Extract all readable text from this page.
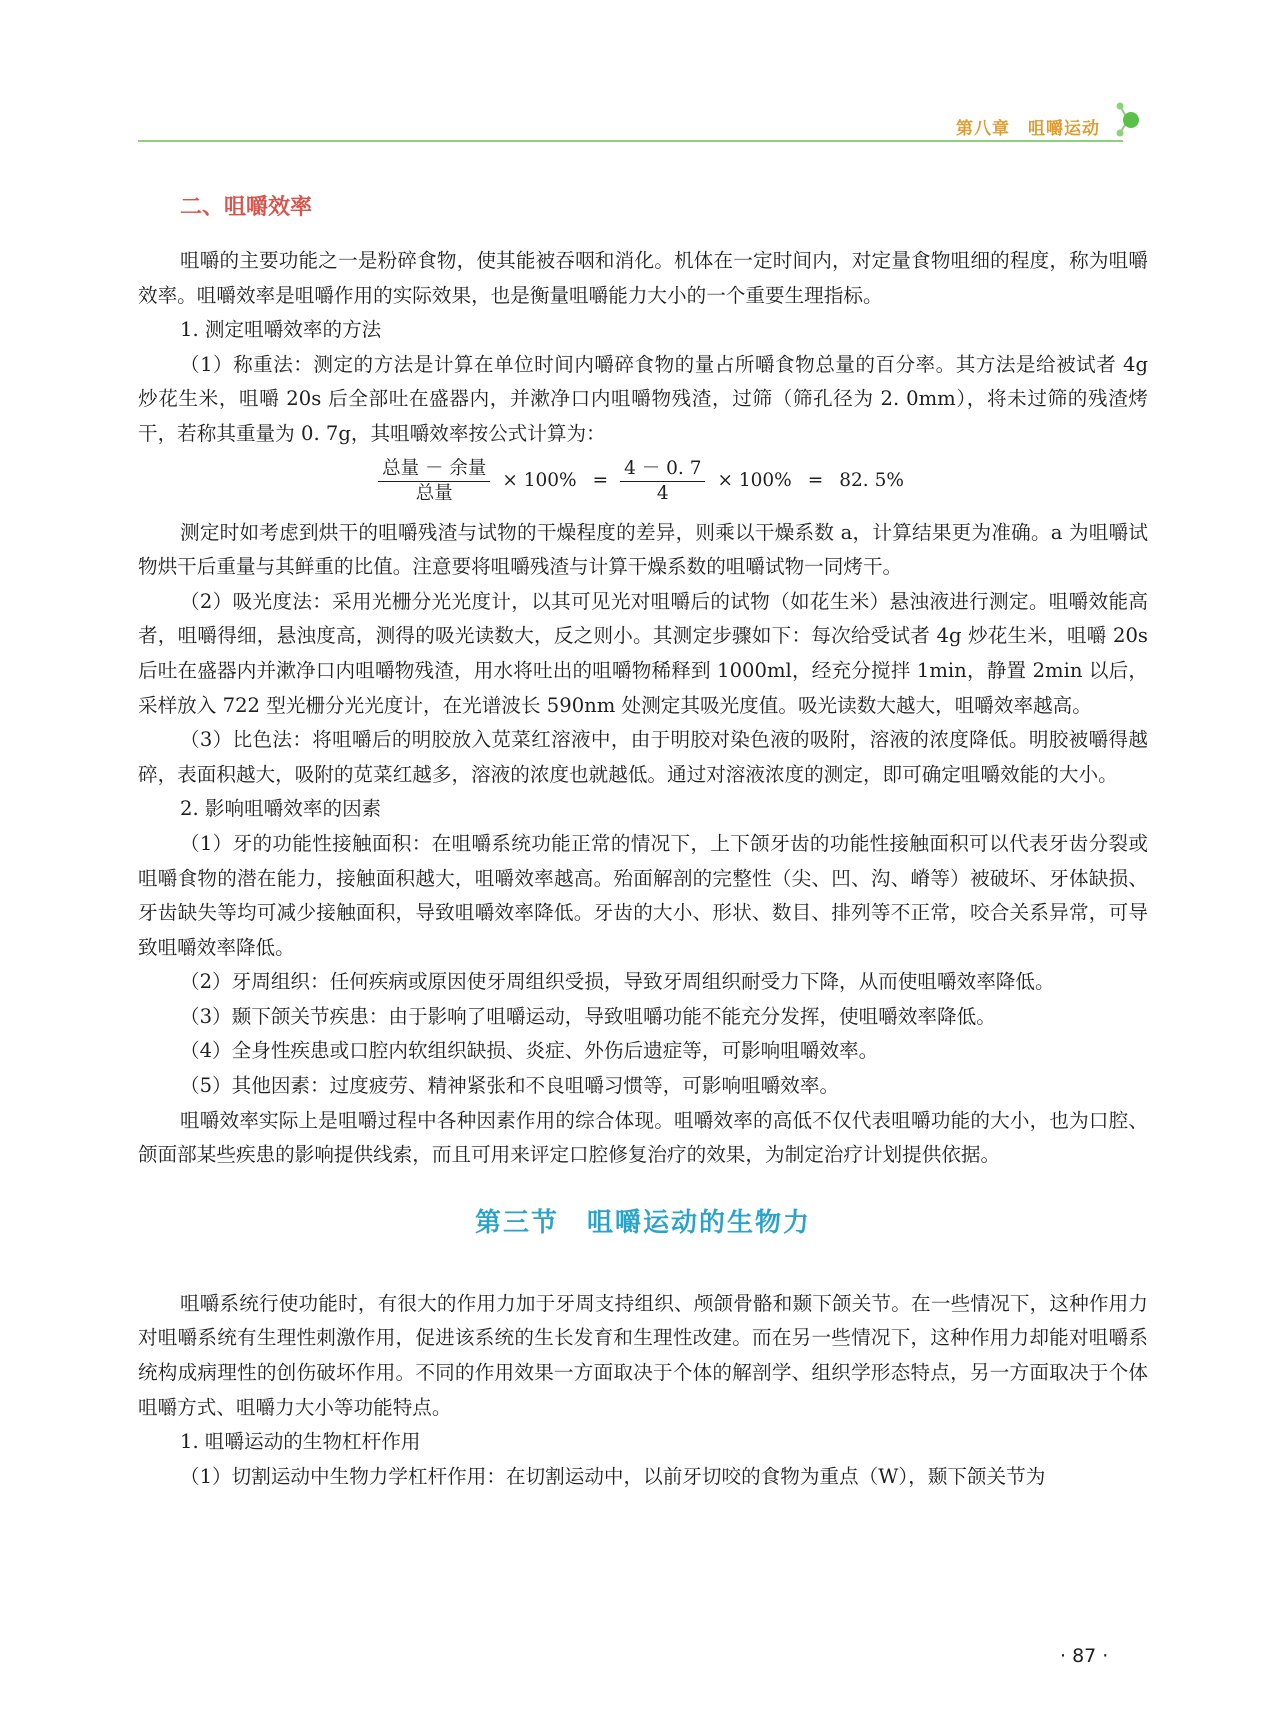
第八章　咀嚼运动
二、咀嚼效率

咀嚼的主要功能之一是粉碎食物，使其能被吞咽和消化。机体在一定时间内，对定量食物咀细的程度，称为咀嚼效率。咀嚼效率是咀嚼作用的实际效果，也是衡量咀嚼能力大小的一个重要生理指标。

1. 测定咀嚼效率的方法

（1）称重法：测定的方法是计算在单位时间内嚼碎食物的量占所嚼食物总量的百分率。其方法是给被试者 4g 炒花生米，咀嚼 20s 后全部吐在盛器内，并漱净口内咀嚼物残渣，过筛（筛孔径为 2. 0mm），将未过筛的残渣烤干，若称其重量为 0. 7g，其咀嚼效率按公式计算为：

$\frac{\text{总量 － 余量}}{\text{总量}} \times 100\% = \frac{4 - 0. 7}{4} \times 100\% = 82$. 5%

测定时如考虑到烘干的咀嚼残渣与试物的干燥程度的差异，则乘以干燥系数 a，计算结果更为准确。a 为咀嚼试物烘干后重量与其鲜重的比值。注意要将咀嚼残渣与计算干燥系数的咀嚼试物一同烤干。

（2）吸光度法：采用光栅分光光度计，以其可见光对咀嚼后的试物（如花生米）悬浊液进行测定。咀嚼效能高者，咀嚼得细，悬浊度高，测得的吸光读数大，反之则小。其测定步骤如下：每次给受试者 4g 炒花生米，咀嚼 20s 后吐在盛器内并漱净口内咀嚼物残渣，用水将吐出的咀嚼物稀释到 1000ml，经充分搅拌 1min，静置 2min 以后，采样放入 722 型光栅分光光度计，在光谱波长 590nm 处测定其吸光度值。吸光读数大越大，咀嚼效率越高。

（3）比色法：将咀嚼后的明胶放入苋菜红溶液中，由于明胶对染色液的吸附，溶液的浓度降低。明胶被嚼得越碎，表面积越大，吸附的苋菜红越多，溶液的浓度也就越低。通过对溶液浓度的测定，即可确定咀嚼效能的大小。

2. 影响咀嚼效率的因素

（1）牙的功能性接触面积：在咀嚼系统功能正常的情况下，上下颌牙齿的功能性接触面积可以代表牙齿分裂或咀嚼食物的潜在能力，接触面积越大，咀嚼效率越高。殆面解剖的完整性（尖、凹、沟、嵴等）被破坏、牙体缺损、牙齿缺失等均可减少接触面积，导致咀嚼效率降低。牙齿的大小、形状、数目、排列等不正常，咬合关系异常，可导致咀嚼效率降低。

（2）牙周组织：任何疾病或原因使牙周组织受损，导致牙周组织耐受力下降，从而使咀嚼效率降低。

（3）颞下颌关节疾患：由于影响了咀嚼运动，导致咀嚼功能不能充分发挥，使咀嚼效率降低。

（4）全身性疾患或口腔内软组织缺损、炎症、外伤后遗症等，可影响咀嚼效率。

（5）其他因素：过度疲劳、精神紧张和不良咀嚼习惯等，可影响咀嚼效率。

咀嚼效率实际上是咀嚼过程中各种因素作用的综合体现。咀嚼效率的高低不仅代表咀嚼功能的大小，也为口腔、颌面部某些疾患的影响提供线索，而且可用来评定口腔修复治疗的效果，为制定治疗计划提供依据。

第三节　咀嚼运动的生物力

咀嚼系统行使功能时，有很大的作用力加于牙周支持组织、颅颌骨骼和颞下颌关节。在一些情况下，这种作用力对咀嚼系统有生理性刺激作用，促进该系统的生长发育和生理性改建。而在另一些情况下，这种作用力却能对咀嚼系统构成病理性的创伤破坏作用。不同的作用效果一方面取决于个体的解剖学、组织学形态特点，另一方面取决于个体咀嚼方式、咀嚼力大小等功能特点。

1. 咀嚼运动的生物杠杆作用

（1）切割运动中生物力学杠杆作用：在切割运动中，以前牙切咬的食物为重点（W），颞下颌关节为

· 87 ·
